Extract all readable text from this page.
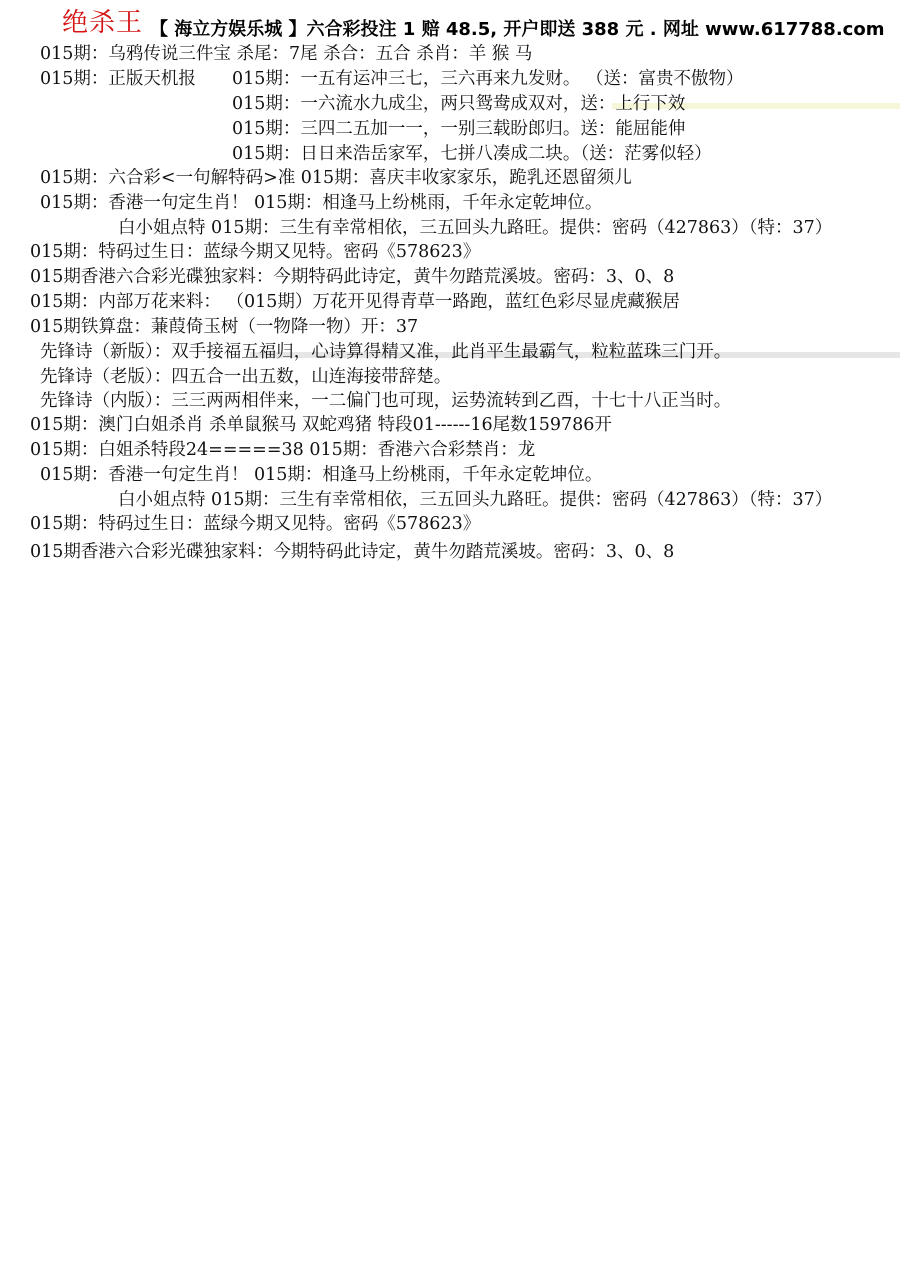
绝杀王 【 海立方娱乐城 】六合彩投注 1 赔 48.5, 开户即送 388 元 . 网址 www.617788.com
015期：乌鸦传说三件宝 杀尾：7尾 杀合：五合 杀肖：羊 猴 马
015期：正版天机报 015期：一五有运冲三七，三六再来九发财。 （送：富贵不傲物）
015期：一六流水九成尘，两只鸳鸯成双对，送：上行下效
015期：三四二五加一一，一别三载盼郎归。送：能屈能伸
015期：日日来浩岳家军，七拼八凑成二块。（送：茫雾似轻）
015期：六合彩<一句解特码>准 015期：喜庆丰收家家乐，跪乳还恩留须儿
015期：香港一句定生肖！ 015期：相逢马上纷桃雨，千年永定乾坤位。
白小姐点特 015期：三生有幸常相依，三五回头九路旺。提供：密码（427863）（特：37）
015期：特码过生日：蓝绿今期又见特。密码《578623》
015期香港六合彩光碟独家料：今期特码此诗定，黄牛勿踏荒溪坡。密码：3、0、8
015期：内部万花来料： （015期）万花开见得青草一路跑，蓝红色彩尽显虎藏猴居
015期铁算盘：蒹葭倚玉树（一物降一物）开：37
先锋诗（新版）：双手接福五福归，心诗算得精又准，此肖平生最霸气，粒粒蓝珠三门开。
先锋诗（老版）：四五合一出五数，山连海接带辞楚。
先锋诗（内版）：三三两两相伴来，一二偏门也可现，运势流转到乙酉，十七十八正当时。
015期：澳门白姐杀肖 杀单鼠猴马 双蛇鸡猪 特段01------16尾数159786开
015期：白姐杀特段24=====38 015期：香港六合彩禁肖：龙
015期：香港一句定生肖！ 015期：相逢马上纷桃雨，千年永定乾坤位。
白小姐点特 015期：三生有幸常相依，三五回头九路旺。提供：密码（427863）（特：37）
015期：特码过生日：蓝绿今期又见特。密码《578623》
015期香港六合彩光碟独家料：今期特码此诗定，黄牛勿踏荒溪坡。密码：3、0、8
